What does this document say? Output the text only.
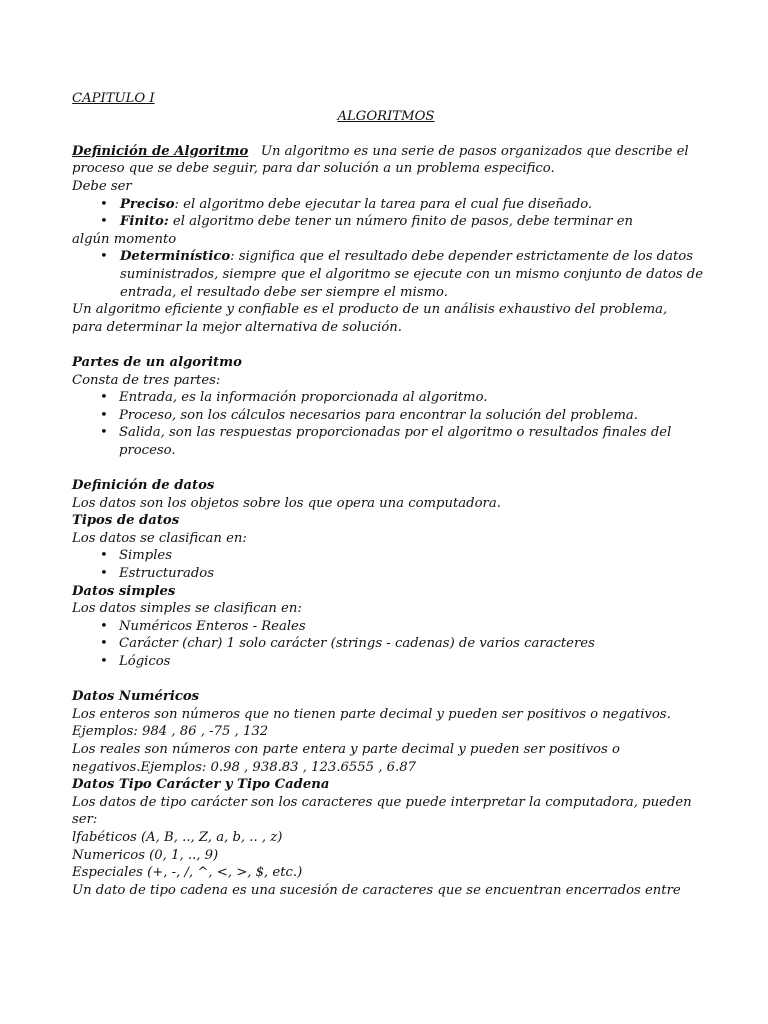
CAPITULO I

ALGORITMOS

Definición de Algoritmo Un algoritmo es una serie de pasos organizados que describe el
proceso que se debe seguir, para dar solución a un problema especifico.

Debe ser

• Preciso: el algoritmo debe ejecutar la tarea para el cual fue diseñado.
• Finito: el algoritmo debe tener un número finito de pasos, debe terminar en

algún momento

• Determinístico: significa que el resultado debe depender estrictamente de los datos
suministrados, siempre que el algoritmo se ejecute con un mismo conjunto de datos de
entrada, el resultado debe ser siempre el mismo.

Un algoritmo eficiente y confiable es el producto de un análisis exhaustivo del problema,
para determinar la mejor alternativa de solución.

Partes de un algoritmo

Consta de tres partes:

• Entrada, es la información proporcionada al algoritmo.
• Proceso, son los cálculos necesarios para encontrar la solución del problema.
• Salida, son las respuestas proporcionadas por el algoritmo o resultados finales del
proceso.

Definición de datos

Los datos son los objetos sobre los que opera una computadora.

Tipos de datos

Los datos se clasifican en:

• Simples
• Estructurados

Datos simples

Los datos simples se clasifican en:

• Numéricos Enteros - Reales
• Carácter (char) 1 solo carácter (strings - cadenas) de varios caracteres
• Lógicos

Datos Numéricos

Los enteros son números que no tienen parte decimal y pueden ser positivos o negativos.
Ejemplos: 984 , 86 , -75 , 132
Los reales son números con parte entera y parte decimal y pueden ser positivos o
negativos.Ejemplos: 0.98 , 938.83 , 123.6555 , 6.87

Datos Tipo Carácter y Tipo Cadena

Los datos de tipo carácter son los caracteres que puede interpretar la computadora, pueden
ser:
lfabéticos (A, B, .., Z, a, b, .. , z)
Numericos (0, 1, .., 9)
Especiales (+, -, /, ^, <, >, $, etc.)
Un dato de tipo cadena es una sucesión de caracteres que se encuentran encerrados entre
